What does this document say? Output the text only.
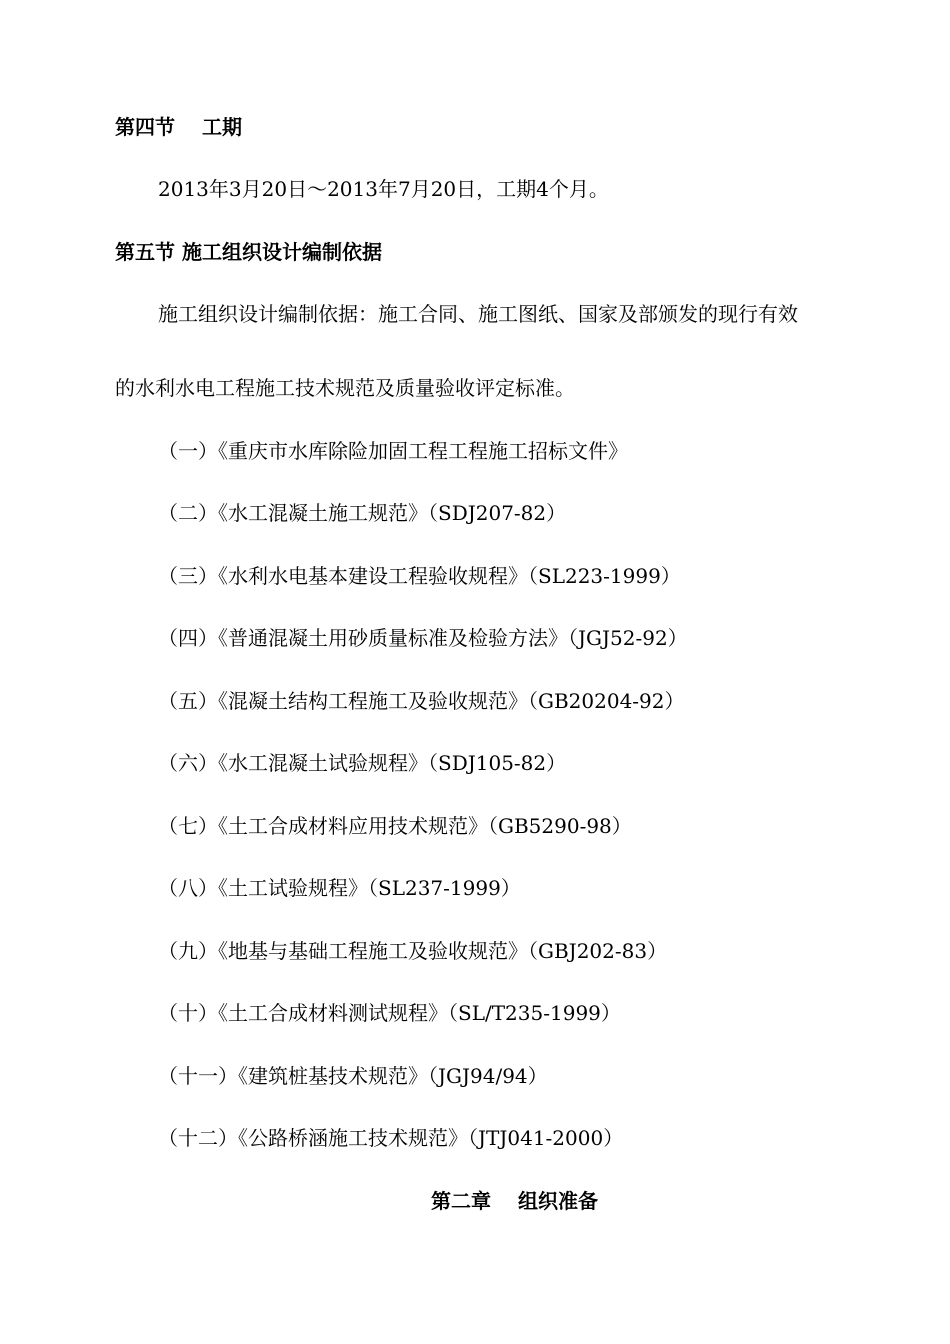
第四节　 工期
2013年3月20日～2013年7月20日，工期4个月。
第五节 施工组织设计编制依据
施工组织设计编制依据：施工合同、施工图纸、国家及部颁发的现行有效
的水利水电工程施工技术规范及质量验收评定标准。
（一）《重庆市水库除险加固工程工程施工招标文件》
（二）《水工混凝土施工规范》（SDJ207-82）
（三）《水利水电基本建设工程验收规程》（SL223-1999）
（四）《普通混凝土用砂质量标准及检验方法》（JGJ52-92）
（五）《混凝土结构工程施工及验收规范》（GB20204-92）
（六）《水工混凝土试验规程》（SDJ105-82）
（七）《土工合成材料应用技术规范》（GB5290-98）
（八）《土工试验规程》（SL237-1999）
（九）《地基与基础工程施工及验收规范》（GBJ202-83）
（十）《土工合成材料测试规程》（SL/T235-1999）
（十一）《建筑桩基技术规范》（JGJ94/94）
（十二）《公路桥涵施工技术规范》（JTJ041-2000）
第二章　 组织准备
